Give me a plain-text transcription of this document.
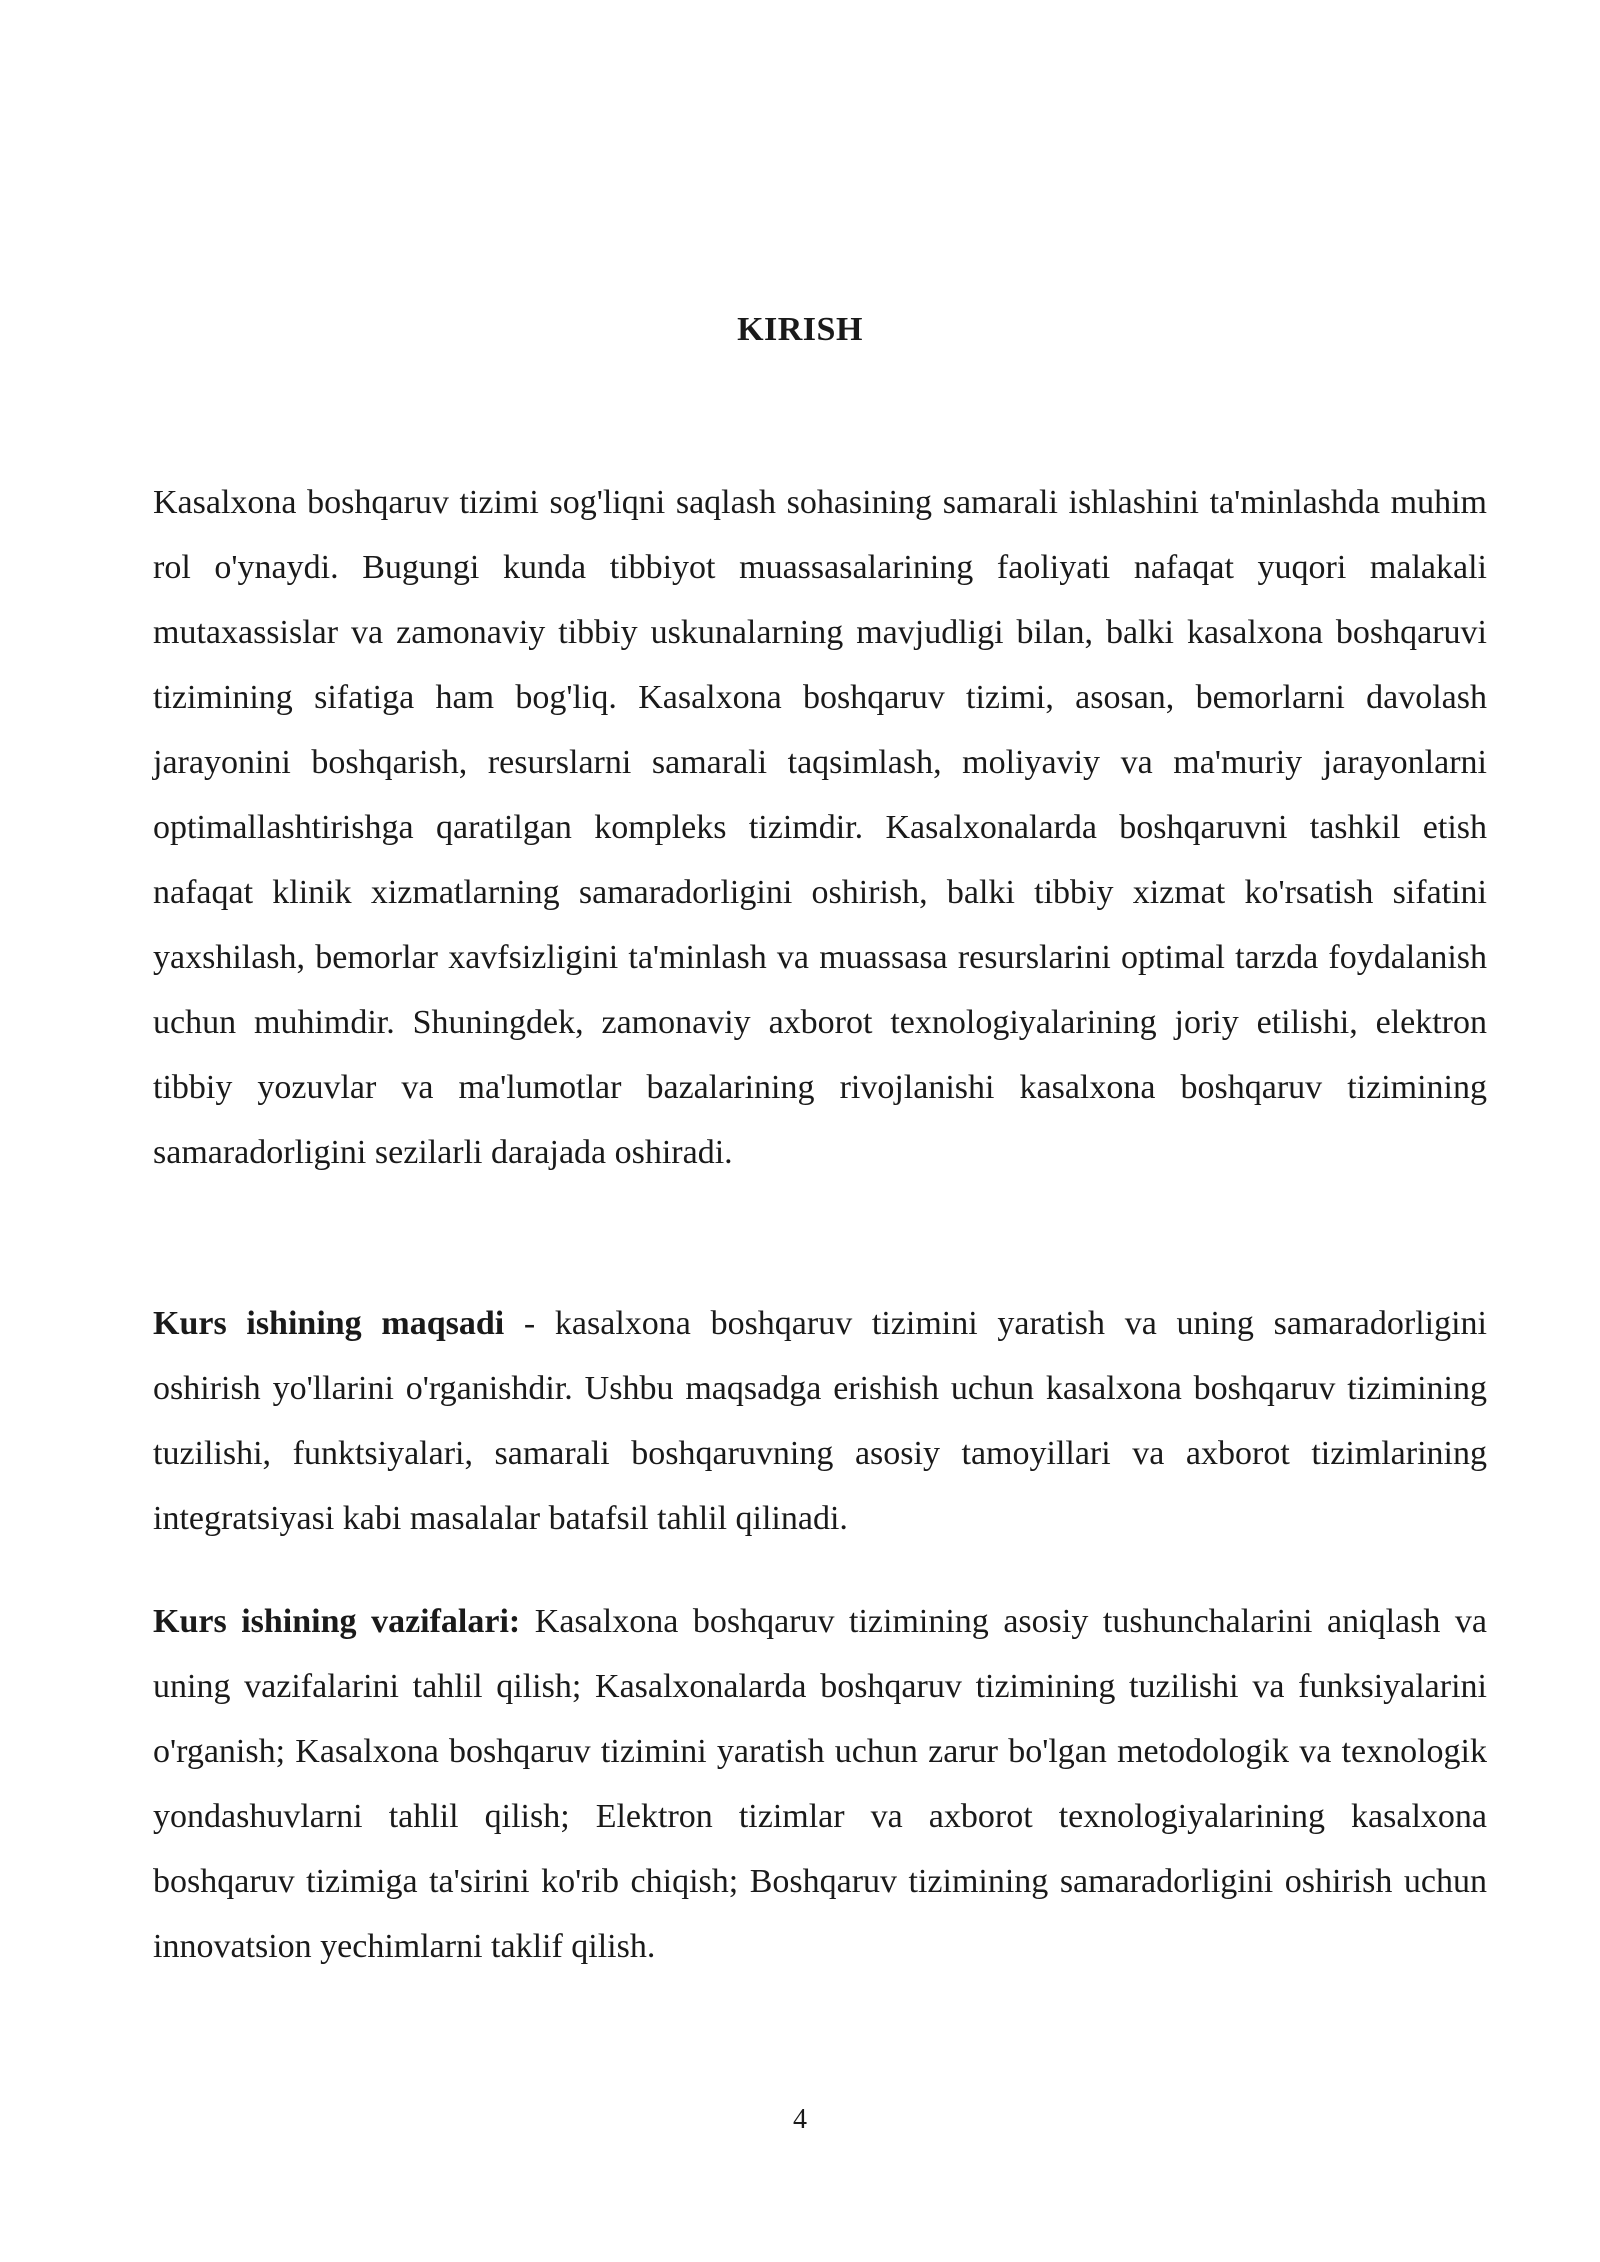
KIRISH

Kasalxona boshqaruv tizimi sog'liqni saqlash sohasining samarali ishlashini ta'minlashda muhim rol o'ynaydi. Bugungi kunda tibbiyot muassasalarining faoliyati nafaqat yuqori malakali mutaxassislar va zamonaviy tibbiy uskunalarning mavjudligi bilan, balki kasalxona boshqaruvi tizimining sifatiga ham bog'liq. Kasalxona boshqaruv tizimi, asosan, bemorlarni davolash jarayonini boshqarish, resurslarni samarali taqsimlash, moliyaviy va ma'muriy jarayonlarni optimallashtirishga qaratilgan kompleks tizimdir. Kasalxonalarda boshqaruvni tashkil etish nafaqat klinik xizmatlarning samaradorligini oshirish, balki tibbiy xizmat ko'rsatish sifatini yaxshilash, bemorlar xavfsizligini ta'minlash va muassasa resurslarini optimal tarzda foydalanish uchun muhimdir. Shuningdek, zamonaviy axborot texnologiyalarining joriy etilishi, elektron tibbiy yozuvlar va ma'lumotlar bazalarining rivojlanishi kasalxona boshqaruv tizimining samaradorligini sezilarli darajada oshiradi.

Kurs ishining maqsadi - kasalxona boshqaruv tizimini yaratish va uning samaradorligini oshirish yo'llarini o'rganishdir. Ushbu maqsadga erishish uchun kasalxona boshqaruv tizimining tuzilishi, funktsiyalari, samarali boshqaruvning asosiy tamoyillari va axborot tizimlarining integratsiyasi kabi masalalar batafsil tahlil qilinadi.

Kurs ishining vazifalari: Kasalxona boshqaruv tizimining asosiy tushunchalarini aniqlash va uning vazifalarini tahlil qilish; Kasalxonalarda boshqaruv tizimining tuzilishi va funksiyalarini o'rganish; Kasalxona boshqaruv tizimini yaratish uchun zarur bo'lgan metodologik va texnologik yondashuvlarni tahlil qilish; Elektron tizimlar va axborot texnologiyalarining kasalxona boshqaruv tizimiga ta'sirini ko'rib chiqish; Boshqaruv tizimining samaradorligini oshirish uchun innovatsion yechimlarni taklif qilish.

4
